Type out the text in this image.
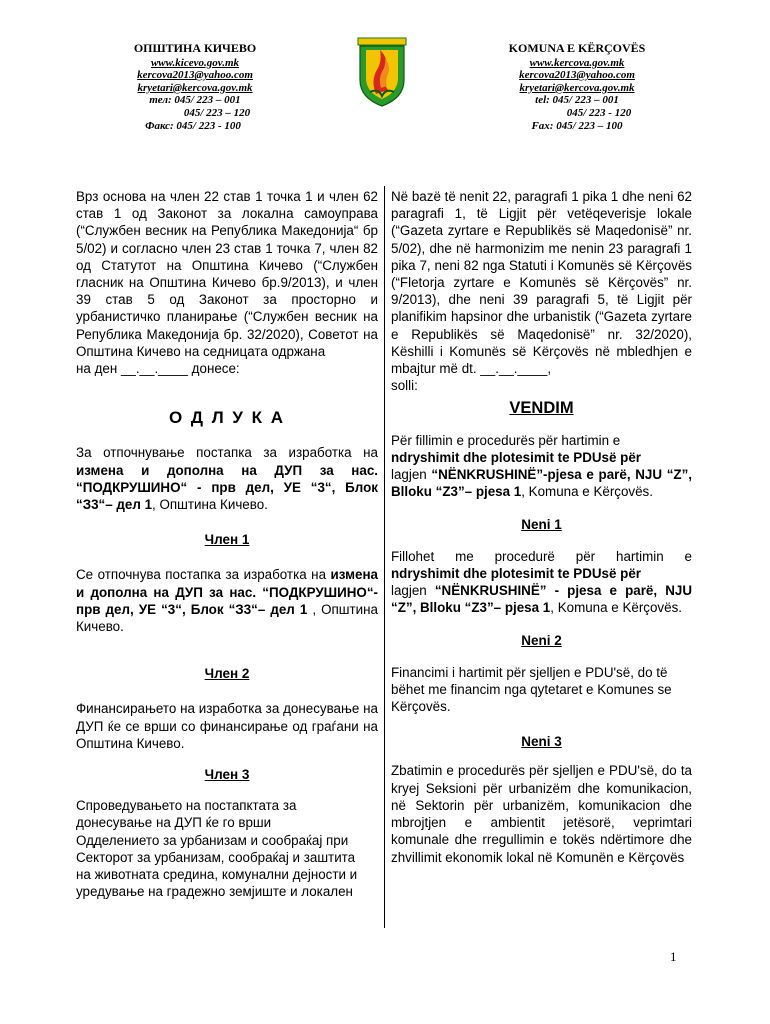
ОПШТИНА КИЧЕВО
www.kicevo.gov.mk
kercova2013@yahoo.com
kryetari@kercova.gov.mk
тел: 045/ 223 – 001
045/ 223 – 120
Факс: 045/ 223 - 100
KOMUNA E KËRÇOVËS
www.kercova.gov.mk
kercova2013@yahoo.com
kryetari@kercova.gov.mk
tel: 045/ 223 – 001
045/ 223 - 120
Fax: 045/ 223 – 100
Врз основа на член 22 став 1 точка 1 и член 62 став 1 од Законот за локална самоуправа (“Службен весник на Република Македонија“ бр 5/02) и согласно член 23 став 1 точка 7, член 82 од Статутот на Општина Кичево (“Службен гласник на Општина Кичево бр.9/2013), и член 39 став 5 од Законот за просторно и урбанистичко планирање (“Службен весник на Република Македонија бр. 32/2020), Советот на Општина Кичево на седницата одржана
на ден __.__.____ донесе:
О Д Л У К А
За отпочнување постапка за изработка на измена и дополна на ДУП за нас. “ПОДКРУШИНО“ - прв дел, УЕ “3“, Блок “З3“– дел 1, Општина Кичево.
Член 1
Се отпочнува постапка за изработка на измена и дополна на ДУП за нас. “ПОДКРУШИНО“-прв дел, УЕ “3“, Блок “З3“– дел 1 , Општина Кичево.
Член 2
Финансирањето на изработка за донесување на ДУП ќе се врши со финансирање од граѓани на Општина Кичево.
Член 3
Спроведувањето на постапктата за
донесување на ДУП ќе го врши
Одделението за урбанизам и сообраќај при
Секторот за урбанизам, сообраќај и заштита
на животната средина, комунални дејности и
уредување на градежно земјиште и локален
Në bazë të nenit 22, paragrafi 1 pika 1 dhe neni 62 paragrafi 1, të Ligjit për vetëqeverisje lokale (“Gazeta zyrtare e Republikës së Maqedonisë” nr. 5/02), dhe në harmonizim me nenin 23 paragrafi 1 pika 7, neni 82 nga Statuti i Komunës së Kërçovës (“Fletorja zyrtare e Komunës së Kërçovës” nr. 9/2013), dhe neni 39 paragrafi 5, të Ligjit për planifikim hapsinor dhe urbanistik (“Gazeta zyrtare e Republikës së Maqedonisë” nr. 32/2020), Këshilli i Komunës së Kërçovës në mbledhjen e mbajtur më dt. __.__.____,
solli:
VENDIM
Për fillimin e procedurës për hartimin e
ndryshimit dhe plotesimit te PDUsë për
lagjen “NËNKRUSHINË”-pjesa e parë, NJU “Z”, Blloku “Z3”– pjesa 1, Komuna e Kërçovës.
Neni 1
Fillohet me procedurë për hartimin e
ndryshimit dhe plotesimit te PDUsë për
lagjen “NËNKRUSHINË” - pjesa e parë, NJU “Z”, Blloku “Z3”– pjesa 1, Komuna e Kërçovës.
Neni 2
Financimi i hartimit për sjelljen e PDU'së, do të bëhet me financim nga qytetaret e Komunes se Kërçovës.
Neni 3
Zbatimin e procedurës për sjelljen e PDU'së, do ta kryej Seksioni për urbanizëm dhe komunikacion, në Sektorin për urbanizëm, komunikacion dhe mbrojtjen e ambientit jetësorë, veprimtari komunale dhe rregullimin e tokës ndërtimore dhe zhvillimit ekonomik lokal në Komunën e Kërçovës
1
